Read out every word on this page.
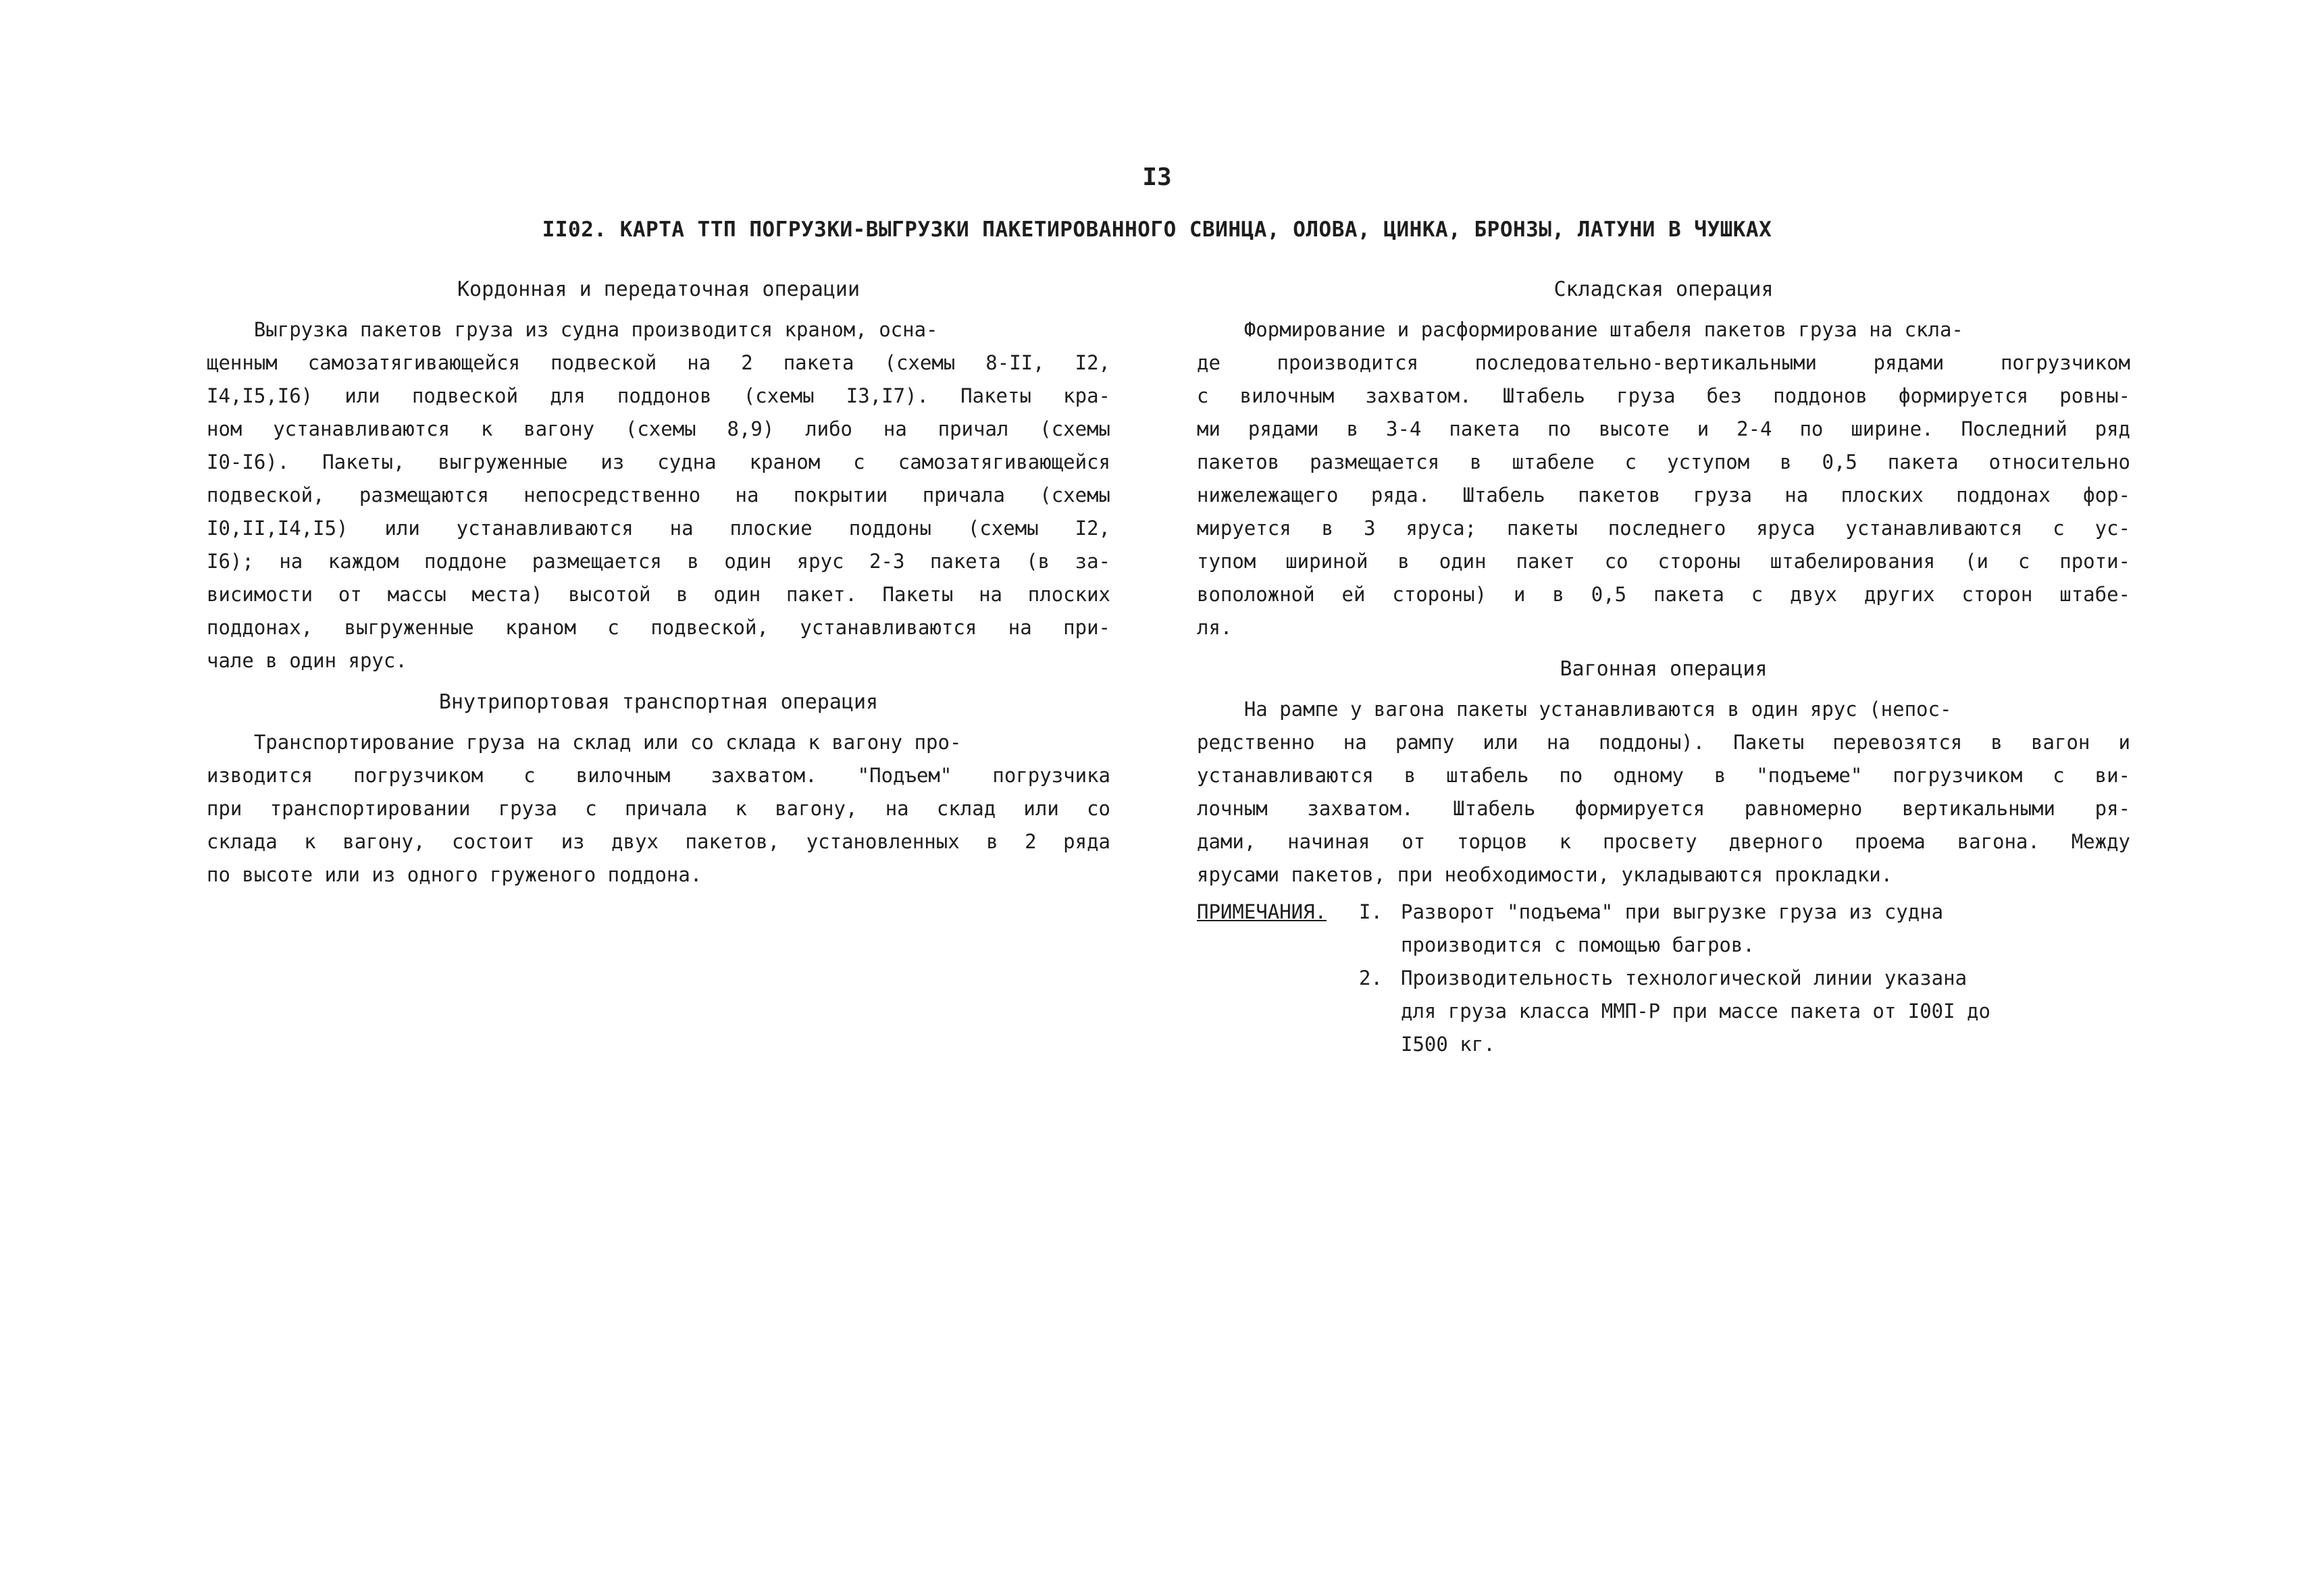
I3
II02. КАРТА ТТП ПОГРУЗКИ-ВЫГРУЗКИ ПАКЕТИРОВАННОГО СВИНЦА, ОЛОВА, ЦИНКА, БРОНЗЫ, ЛАТУНИ В ЧУШКАХ
Кордонная и передаточная операции
Выгрузка пакетов груза из судна производится краном, осна-
щенным самозатягивающейся подвеской на 2 пакета (схемы 8-II, I2,
I4,I5,I6) или подвеской для поддонов (схемы I3,I7). Пакеты кра-
ном устанавливаются к вагону (схемы 8,9) либо на причал (схемы
I0-I6). Пакеты, выгруженные из судна краном с самозатягивающейся
подвеской, размещаются непосредственно на покрытии причала (схемы
I0,II,I4,I5) или устанавливаются на плоские поддоны (схемы I2,
I6); на каждом поддоне размещается в один ярус 2-3 пакета (в за-
висимости от массы места) высотой в один пакет. Пакеты на плоских
поддонах, выгруженные краном с подвеской, устанавливаются на при-
чале в один ярус.
Внутрипортовая транспортная операция
Транспортирование груза на склад или со склада к вагону про-
изводится погрузчиком с вилочным захватом. "Подъем" погрузчика
при транспортировании груза с причала к вагону, на склад или со
склада к вагону, состоит из двух пакетов, установленных в 2 ряда
по высоте или из одного груженого поддона.
Складская операция
Формирование и расформирование штабеля пакетов груза на скла-
де производится последовательно-вертикальными рядами погрузчиком
с вилочным захватом. Штабель груза без поддонов формируется ровны-
ми рядами в 3-4 пакета по высоте и 2-4 по ширине. Последний ряд
пакетов размещается в штабеле с уступом в 0,5 пакета относительно
нижележащего ряда. Штабель пакетов груза на плоских поддонах фор-
мируется в 3 яруса; пакеты последнего яруса устанавливаются с ус-
тупом шириной в один пакет со стороны штабелирования (и с проти-
воположной ей стороны) и в 0,5 пакета с двух других сторон штабе-
ля.
Вагонная операция
На рампе у вагона пакеты устанавливаются в один ярус (непос-
редственно на рампу или на поддоны). Пакеты перевозятся в вагон и
устанавливаются в штабель по одному в "подъеме" погрузчиком с ви-
лочным захватом. Штабель формируется равномерно вертикальными ря-
дами, начиная от торцов к просвету дверного проема вагона. Между
ярусами пакетов, при необходимости, укладываются прокладки.
ПРИМЕЧАНИЯ. I. Разворот "подъема" при выгрузке груза из судна
производится с помощью багров.
2. Производительность технологической линии указана
для груза класса ММП-Р при массе пакета от I00I до
I500 кг.
